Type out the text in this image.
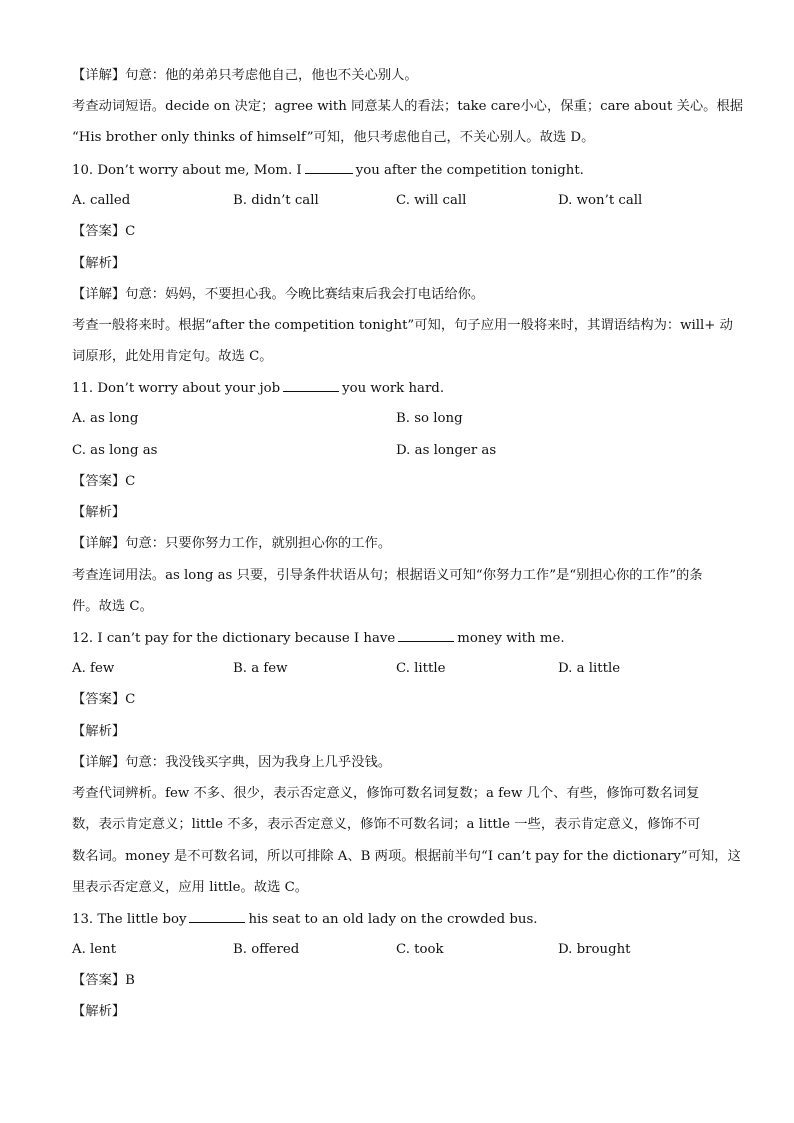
【详解】句意：他的弟弟只考虑他自己，他也不关心别人。
考查动词短语。decide on 决定；agree with 同意某人的看法；take care小心，保重；care about 关心。根据
“His brother only thinks of himself”可知，他只考虑他自己，不关心别人。故选 D。
10. Don’t worry about me, Mom. I	you after the competition tonight.
A. called	B. didn’t call	C. will call	D. won’t call
【答案】C
【解析】
【详解】句意：妈妈，不要担心我。今晚比赛结束后我会打电话给你。
考查一般将来时。根据“after the competition tonight”可知，句子应用一般将来时，其谓语结构为：will+ 动
词原形，此处用肯定句。故选 C。
11. Don’t worry about your job	you work hard.
A. as long	B. so long
C. as long as	D. as longer as
【答案】C
【解析】
【详解】句意：只要你努力工作，就别担心你的工作。
考查连词用法。as long as 只要，引导条件状语从句；根据语义可知“你努力工作”是“别担心你的工作”的条
件。故选 C。
12. I can’t pay for the dictionary because I have	money with me.
A. few	B. a few	C. little	D. a little
【答案】C
【解析】
【详解】句意：我没钱买字典，因为我身上几乎没钱。
考查代词辨析。few 不多、很少，表示否定意义，修饰可数名词复数；a few 几个、有些，修饰可数名词复
数，表示肯定意义；little 不多，表示否定意义，修饰不可数名词；a little 一些，表示肯定意义，修饰不可
数名词。money 是不可数名词，所以可排除 A、B 两项。根据前半句“I can’t pay for the dictionary”可知，这
里表示否定意义，应用 little。故选 C。
13. The little boy	his seat to an old lady on the crowded bus.
A. lent	B. offered	C. took	D. brought
【答案】B
【解析】
